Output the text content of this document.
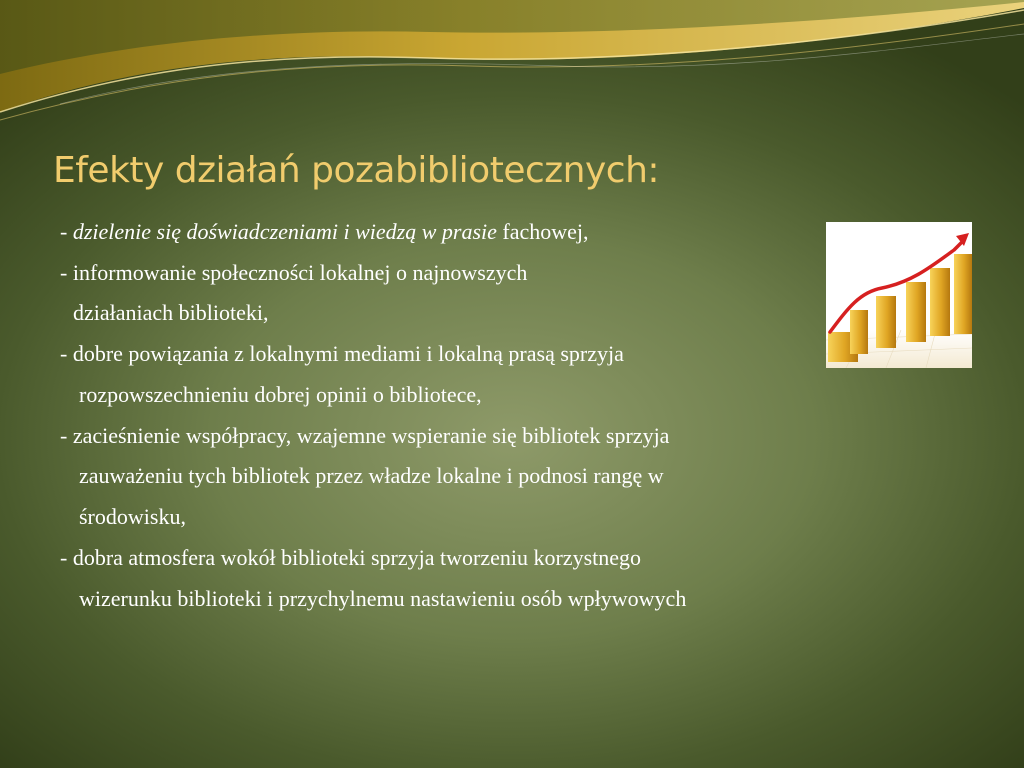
Efekty działań pozabibliotecznych:
- dzielenie się doświadczeniami i wiedzą w prasie fachowej,
- informowanie społeczności lokalnej o najnowszych
działaniach biblioteki,
- dobre powiązania z lokalnymi mediami i lokalną prasą sprzyja
rozpowszechnieniu dobrej opinii o bibliotece,
- zacieśnienie współpracy, wzajemne wspieranie się bibliotek sprzyja
zauważeniu tych bibliotek przez władze lokalne i podnosi rangę w
środowisku,
- dobra atmosfera wokół biblioteki sprzyja tworzeniu korzystnego
wizerunku biblioteki i przychylnemu nastawieniu osób wpływowych
